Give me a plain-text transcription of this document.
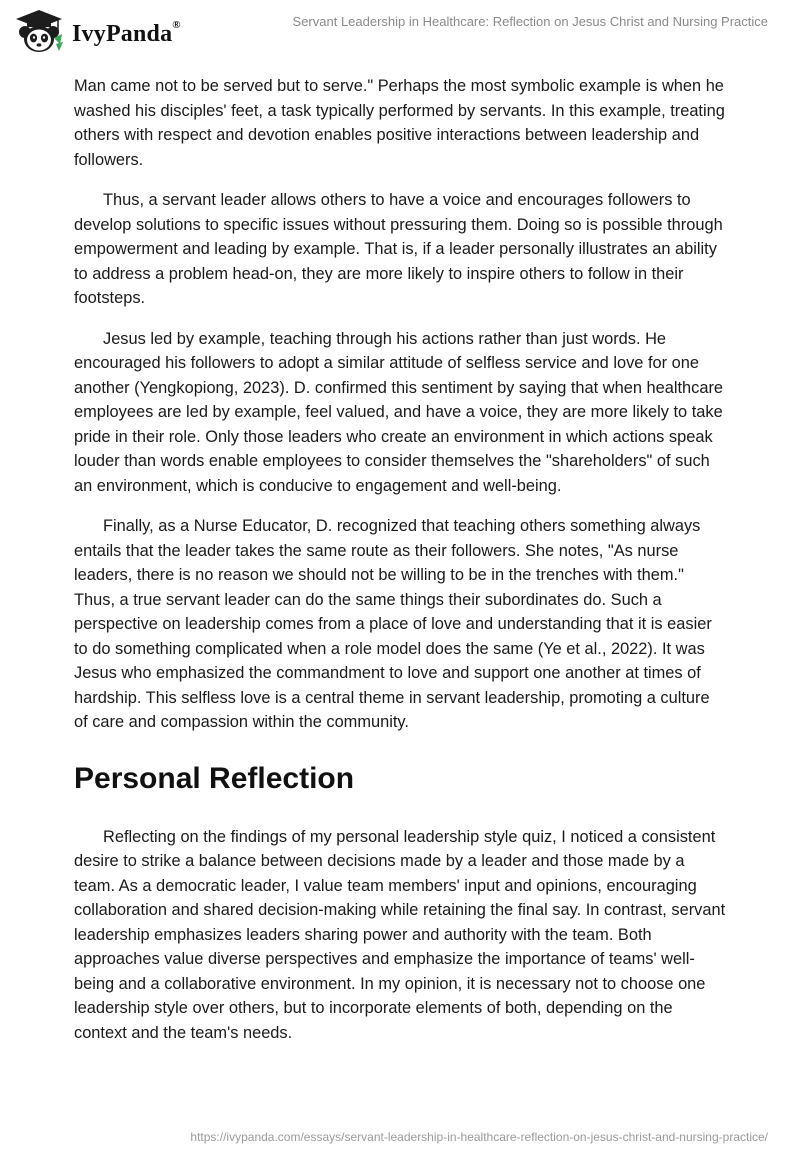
IvyPanda®	Servant Leadership in Healthcare: Reflection on Jesus Christ and Nursing Practice

Man came not to be served but to serve." Perhaps the most symbolic example is when he washed his disciples' feet, a task typically performed by servants. In this example, treating others with respect and devotion enables positive interactions between leadership and followers.

Thus, a servant leader allows others to have a voice and encourages followers to develop solutions to specific issues without pressuring them. Doing so is possible through empowerment and leading by example. That is, if a leader personally illustrates an ability to address a problem head-on, they are more likely to inspire others to follow in their footsteps.

Jesus led by example, teaching through his actions rather than just words. He encouraged his followers to adopt a similar attitude of selfless service and love for one another (Yengkopiong, 2023). D. confirmed this sentiment by saying that when healthcare employees are led by example, feel valued, and have a voice, they are more likely to take pride in their role. Only those leaders who create an environment in which actions speak louder than words enable employees to consider themselves the "shareholders" of such an environment, which is conducive to engagement and well-being.

Finally, as a Nurse Educator, D. recognized that teaching others something always entails that the leader takes the same route as their followers. She notes, "As nurse leaders, there is no reason we should not be willing to be in the trenches with them." Thus, a true servant leader can do the same things their subordinates do. Such a perspective on leadership comes from a place of love and understanding that it is easier to do something complicated when a role model does the same (Ye et al., 2022). It was Jesus who emphasized the commandment to love and support one another at times of hardship. This selfless love is a central theme in servant leadership, promoting a culture of care and compassion within the community.

Personal Reflection

Reflecting on the findings of my personal leadership style quiz, I noticed a consistent desire to strike a balance between decisions made by a leader and those made by a team. As a democratic leader, I value team members' input and opinions, encouraging collaboration and shared decision-making while retaining the final say. In contrast, servant leadership emphasizes leaders sharing power and authority with the team. Both approaches value diverse perspectives and emphasize the importance of teams' well-being and a collaborative environment. In my opinion, it is necessary not to choose one leadership style over others, but to incorporate elements of both, depending on the context and the team's needs.

https://ivypanda.com/essays/servant-leadership-in-healthcare-reflection-on-jesus-christ-and-nursing-practice/
